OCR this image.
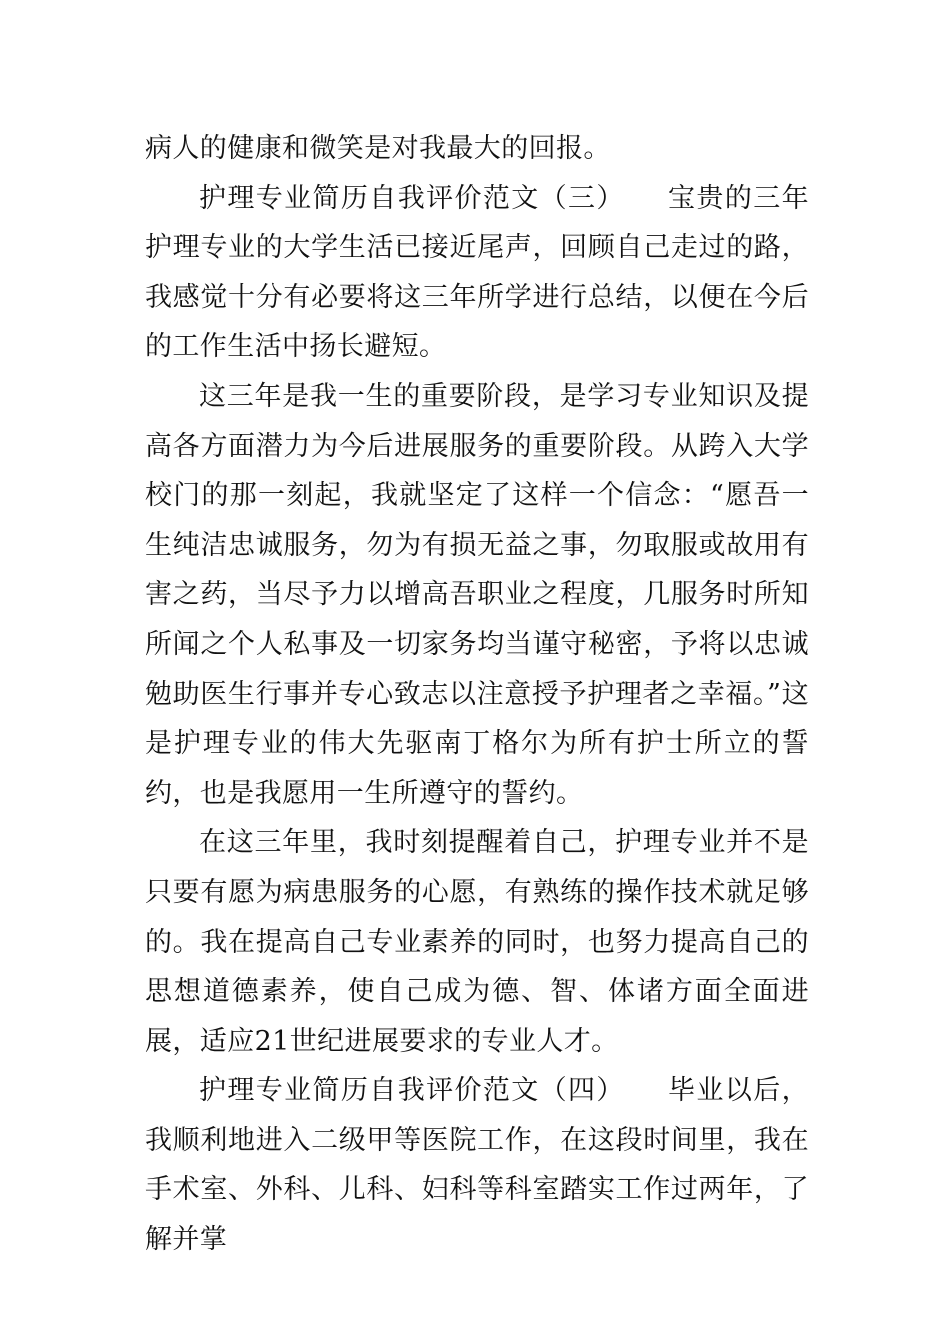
病人的健康和微笑是对我最大的回报。

护理专业简历自我评价范文（三）　　宝贵的三年护理专业的大学生活已接近尾声，回顾自己走过的路，我感觉十分有必要将这三年所学进行总结，以便在今后的工作生活中扬长避短。

这三年是我一生的重要阶段，是学习专业知识及提高各方面潜力为今后进展服务的重要阶段。从跨入大学校门的那一刻起，我就坚定了这样一个信念：“愿吾一生纯洁忠诚服务，勿为有损无益之事，勿取服或故用有害之药，当尽予力以增高吾职业之程度，几服务时所知所闻之个人私事及一切家务均当谨守秘密，予将以忠诚勉助医生行事并专心致志以注意授予护理者之幸福。”这是护理专业的伟大先驱南丁格尔为所有护士所立的誓约，也是我愿用一生所遵守的誓约。

在这三年里，我时刻提醒着自己，护理专业并不是只要有愿为病患服务的心愿，有熟练的操作技术就足够的。我在提高自己专业素养的同时，也努力提高自己的思想道德素养，使自己成为德、智、体诸方面全面进展，适应21世纪进展要求的专业人才。

护理专业简历自我评价范文（四）　　毕业以后，我顺利地进入二级甲等医院工作，在这段时间里，我在手术室、外科、儿科、妇科等科室踏实工作过两年，了解并掌
